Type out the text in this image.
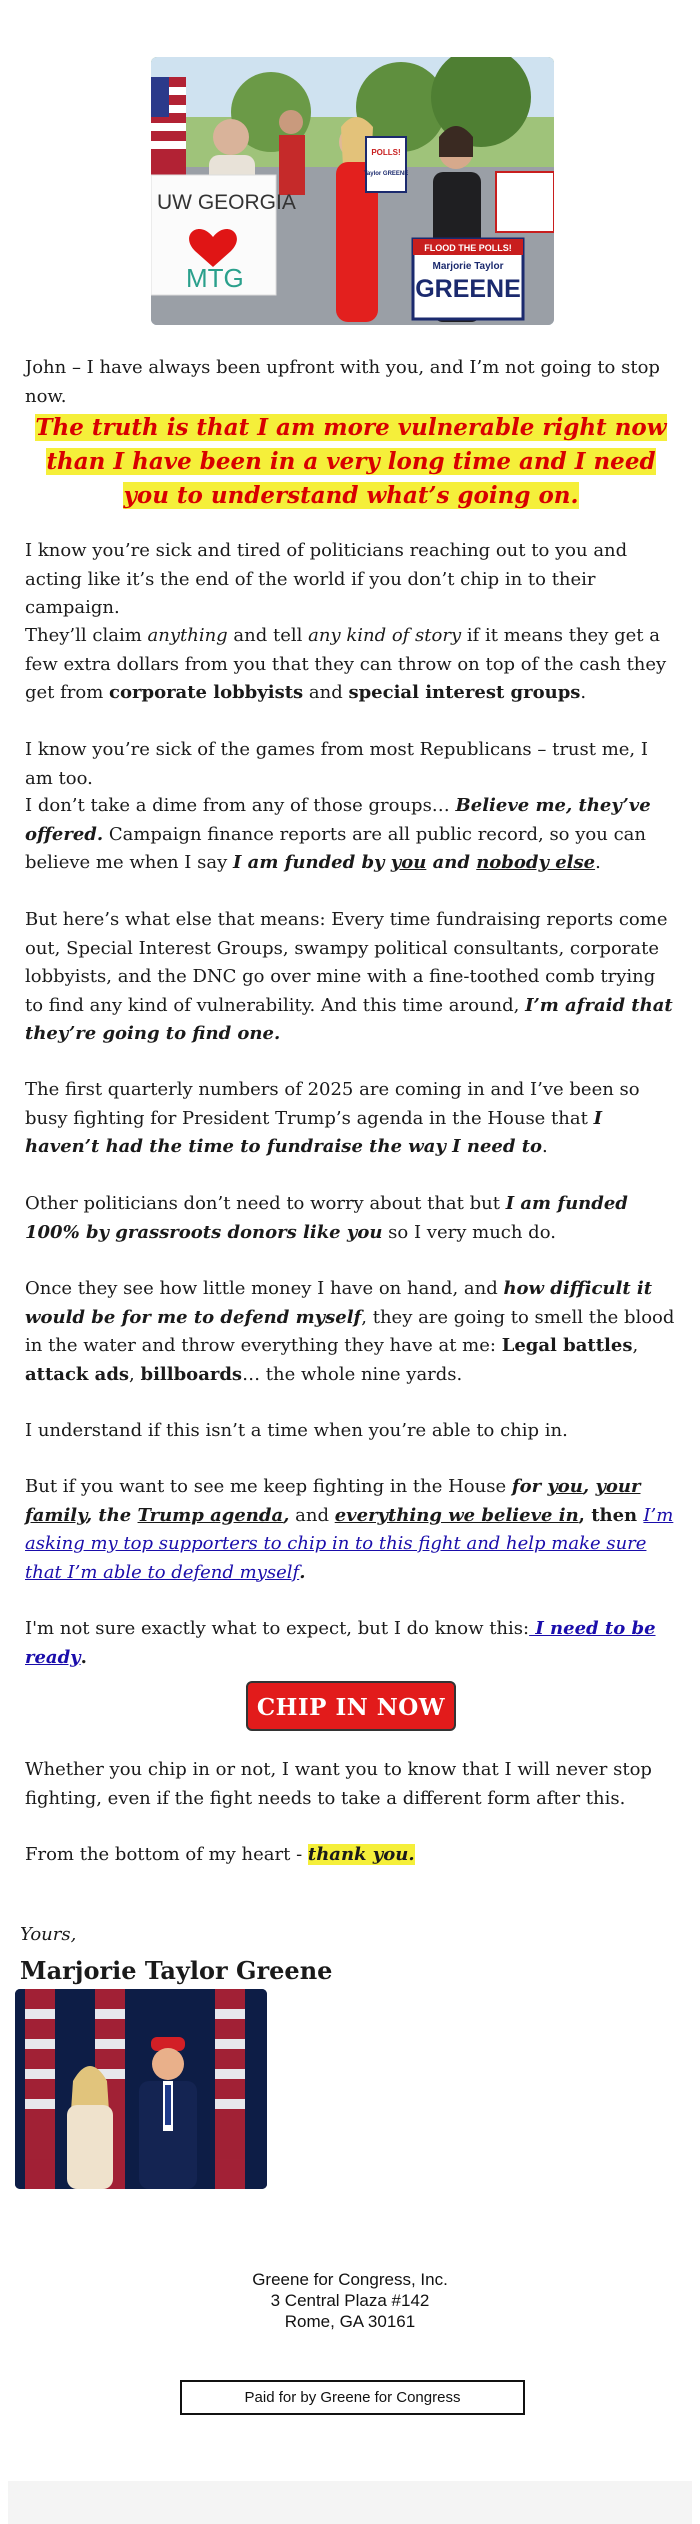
UW GEORGIA
MTG
FLOOD THE POLLS!
Marjorie Taylor
GREENE
POLLS!
Taylor GREENE

John – I have always been upfront with you, and I’m not going to stop now.

The truth is that I am more vulnerable right now than I have been in a very long time and I need you to understand what’s going on.

I know you’re sick and tired of politicians reaching out to you and acting like it’s the end of the world if you don’t chip in to their campaign.

They’ll claim anything and tell any kind of story if it means they get a few extra dollars from you that they can throw on top of the cash they get from corporate lobbyists and special interest groups.

I know you’re sick of the games from most Republicans – trust me, I am too.

I don’t take a dime from any of those groups… Believe me, they’ve offered. Campaign finance reports are all public record, so you can believe me when I say I am funded by you and nobody else.

But here’s what else that means: Every time fundraising reports come out, Special Interest Groups, swampy political consultants, corporate lobbyists, and the DNC go over mine with a fine-toothed comb trying to find any kind of vulnerability. And this time around, I’m afraid that they’re going to find one.

The first quarterly numbers of 2025 are coming in and I’ve been so busy fighting for President Trump’s agenda in the House that I haven’t had the time to fundraise the way I need to.

Other politicians don’t need to worry about that but I am funded 100% by grassroots donors like you so I very much do.

Once they see how little money I have on hand, and how difficult it would be for me to defend myself, they are going to smell the blood in the water and throw everything they have at me: Legal battles, attack ads, billboards… the whole nine yards.

I understand if this isn’t a time when you’re able to chip in.

But if you want to see me keep fighting in the House for you, your family, the Trump agenda, and everything we believe in, then I’m asking my top supporters to chip in to this fight and help make sure that I’m able to defend myself.

I'm not sure exactly what to expect, but I do know this: I need to be ready.

CHIP IN NOW

Whether you chip in or not, I want you to know that I will never stop fighting, even if the fight needs to take a different form after this.

From the bottom of my heart - thank you.

Yours,
Marjorie Taylor Greene
Greene for Congress, Inc.
3 Central Plaza #142
Rome, GA 30161
Paid for by Greene for Congress
